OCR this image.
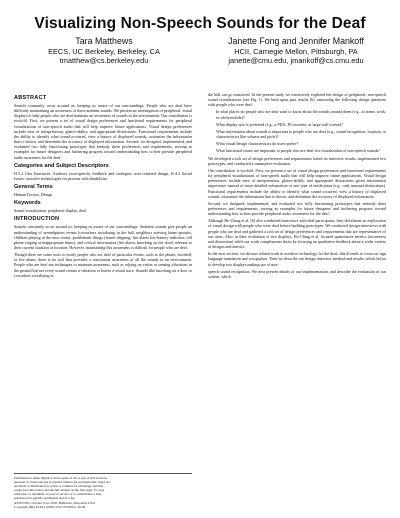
Visualizing Non-Speech Sounds for the Deaf
Tara Matthews
EECS, UC Berkeley, Berkeley, CA
tmatthew@cs.berkeley.edu
Janette Fong and Jennifer Mankoff
HCII, Carnegie Mellon, Pittsburgh, PA
janette@cmu.edu, jmankoff@cs.cmu.edu
ABSTRACT

Sounds constantly occur around us, keeping us aware of our surroundings. People who are deaf have difficulty maintaining an awareness of these ambient sounds. We present an investigation of peripheral, visual displays to help people who are deaf maintain an awareness of sounds in the environment. Our contribution is twofold. First, we present a set of visual design preferences and functional requirements for peripheral visualizations of non-speech audio that will help improve future applications. Visual design preferences include ease of interpretation, glance-ability, and appropriate distractions. Functional requirements include the ability to identify what sound occurred, view a history of displayed sounds, customize the information that is shown, and determine the accuracy of displayed information. Second, we designed, implemented, and evaluated two fully functioning prototypes that embody these preferences and requirements, serving as examples for future designers and furthering progress toward understanding how to best provide peripheral audio awareness for the deaf.

Categories and Subject Descriptors

H.5.2 User Interfaces: Auditory (non-speech) feedback and strategies; user-centered design, K.4.2 Social Issues: assistive technologies for persons with disabilities

General Terms

Human Factors, Design

Keywords

Sound visualization, peripheral display, deaf

INTRODUCTION

Sounds constantly occur around us, keeping us aware of our surroundings. Ambient sounds give people an understanding of serendipitous events (coworkers socializing in the hall, neighbors arriving home upstairs, children playing in the next room), problematic things (faucet dripping, fire alarm low-battery indicator, cell phone ringing at inappropriate times), and critical information (fire alarm, knocking on the door) relevant to their current situation or location. However, maintaining this awareness is difficult for people who are deaf.

Though there are some tools to notify people who are deaf of particular events, such as the phone, doorbell, or fire alarm, there is no tool that provides a continuous awareness of all the sounds in an environment. People who are deaf use techniques to maintain awareness, such as relying on vision or sensing vibrations in the ground but not every sound creates a vibration or leaves a visual trace. Sounds like knocking on a door or coworkers socializing in

the hall can go unnoticed. In the present study we extensively explored the design of peripheral, non-speech sound visualizations (see Fig. 1). We built upon past results [6], answering the following design questions with people who were deaf:

In what places do people who are deaf want to know about the sounds around them (e.g., at home, work, or while mobile)?

What display size is preferred (e.g., a PDA, PC monitor, or large wall screen)?

What information about sounds is important to people who are deaf (e.g., sound recognition, location, or characteristics like volume and pitch)?

What visual design characteristics do users prefer?

What functional issues are important to people who are deaf in a visualization of non-speech sounds?

We developed a rich set of design preferences and requirements based on interview results, implemented two prototypes, and conducted a summative evaluation.

Our contribution is twofold. First, we present a set of visual design preferences and functional requirements for peripheral visualizations of non-speech audio that will help improve future applications. Visual design preferences include ease of interpretation, glance-ability, and appropriate distractions given information importance instead of more detailed information or one type of notification (e.g., only unusual distractions). Functional requirements include the ability to identify what sound occurred, view a history of displayed sounds, customize the information that is shown, and determine the accuracy of displayed information.

Second, we designed, implemented, and evaluated two fully functioning prototypes that embody these preferences and requirements, serving as examples for future designers and furthering progress toward understanding how to best provide peripheral audio awareness for the deaf.

Although Ho-Ching et al. [6] also conducted interviews with deaf participants, they did almost no exploration of visual design with people who were deaf before building prototypes. We conducted design interviews with people who are deaf and gathered a rich set of design preferences and requirements that are representative of our users. Also, in their evaluation of two displays, Ho-Ching et al. focused quantitative metrics (awareness and distraction) while our work complements theirs by focusing on qualitative feedback about a wider variety of designs and metrics.

In the next section, we discuss related work in assistive technology for the deaf, which tends to focus on sign language translation and recognition. Then we describe our design interview method and results, which led us to develop two displays making use of non-

speech sound recognition. We next present details of our implementation, and describe the evaluation of our system, which

Permission to make digital or hard copies of all or part of this work for
personal or classroom use is granted without fee provided that copies are
not made or distributed for profit or commercial advantage and that
copies bear this notice and the full citation on the first page. To copy
otherwise, to republish, to post on servers or to redistribute to lists,
requires prior specific permission and/or a fee.
ASSETS'05, October 9-12, 2005, Baltimore, Maryland, USA.
Copyright 2005 ACM 1-59593-159-7/05/0010...$5.00.
